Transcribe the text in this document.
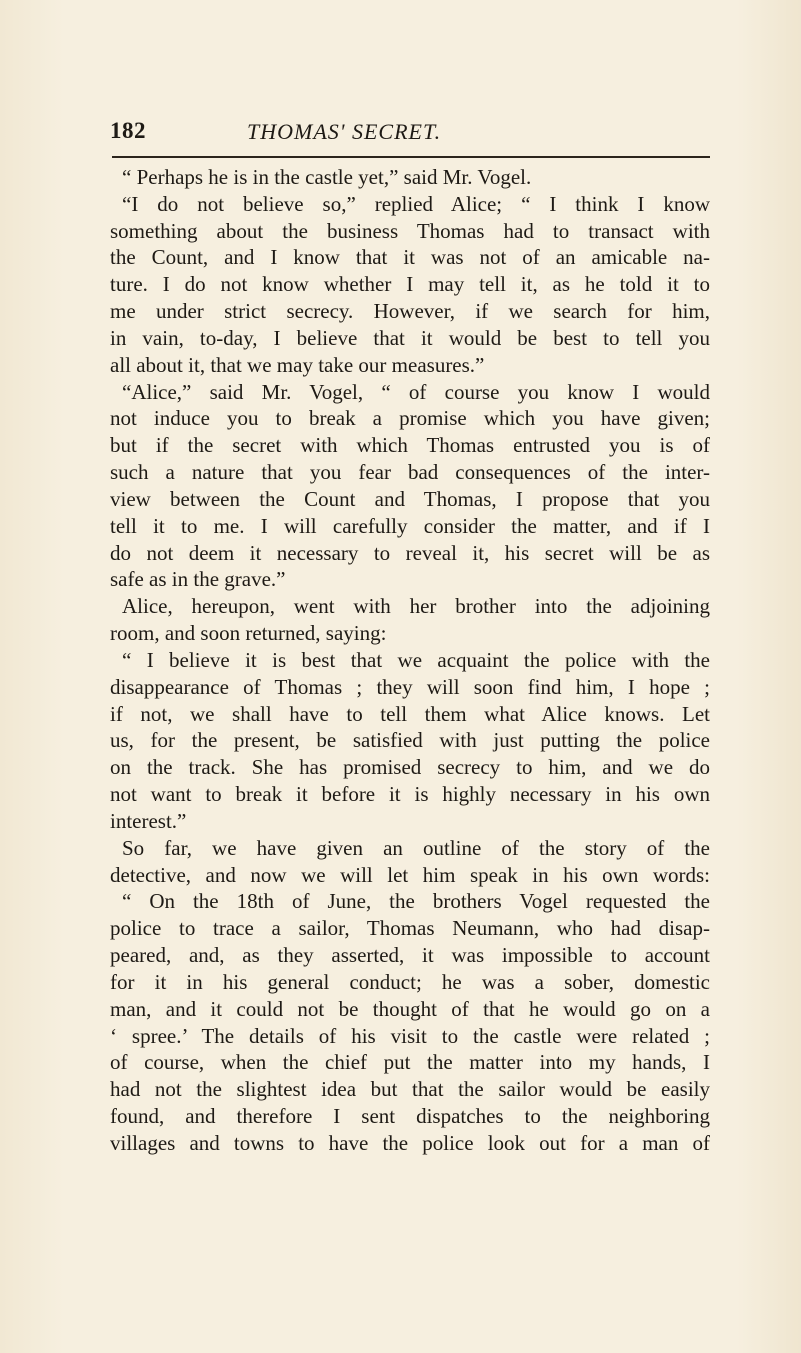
182	THOMAS' SECRET.
“ Perhaps he is in the castle yet,” said Mr. Vogel.
“I do not believe so,” replied Alice; “ I think I know
something about the business Thomas had to transact with
the Count, and I know that it was not of an amicable na-
ture. I do not know whether I may tell it, as he told it to
me under strict secrecy. However, if we search for him,
in vain, to-day, I believe that it would be best to tell you
all about it, that we may take our measures.”
“Alice,” said Mr. Vogel, “ of course you know I would
not induce you to break a promise which you have given;
but if the secret with which Thomas entrusted you is of
such a nature that you fear bad consequences of the inter-
view between the Count and Thomas, I propose that you
tell it to me. I will carefully consider the matter, and if I
do not deem it necessary to reveal it, his secret will be as
safe as in the grave.”
Alice, hereupon, went with her brother into the adjoining
room, and soon returned, saying:
“ I believe it is best that we acquaint the police with the
disappearance of Thomas ; they will soon find him, I hope ;
if not, we shall have to tell them what Alice knows. Let
us, for the present, be satisfied with just putting the police
on the track. She has promised secrecy to him, and we do
not want to break it before it is highly necessary in his own
interest.”
So far, we have given an outline of the story of the
detective, and now we will let him speak in his own words:
“ On the 18th of June, the brothers Vogel requested the
police to trace a sailor, Thomas Neumann, who had disap-
peared, and, as they asserted, it was impossible to account
for it in his general conduct; he was a sober, domestic
man, and it could not be thought of that he would go on a
‘ spree.’ The details of his visit to the castle were related ;
of course, when the chief put the matter into my hands, I
had not the slightest idea but that the sailor would be easily
found, and therefore I sent dispatches to the neighboring
villages and towns to have the police look out for a man of
